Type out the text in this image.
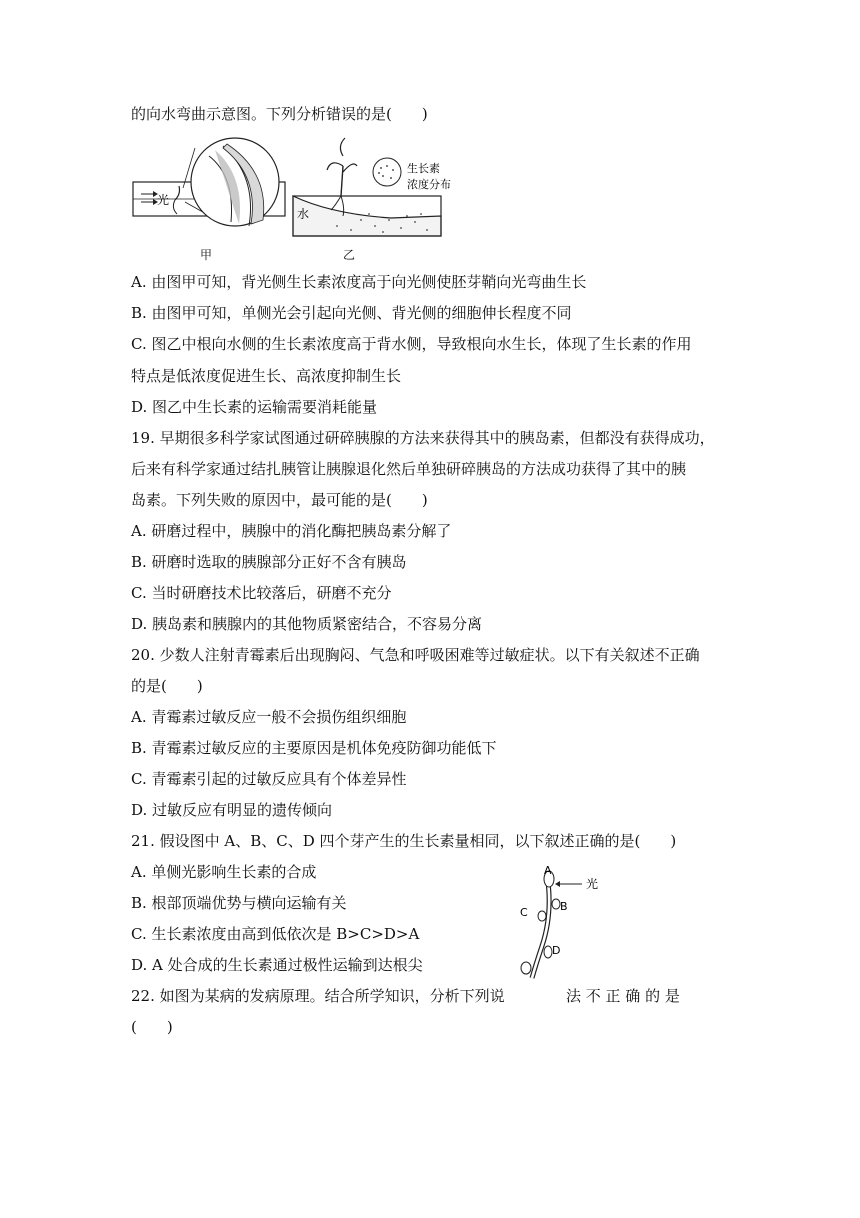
的向水弯曲示意图。下列分析错误的是(　　)
光
水
生长素
浓度分布
甲	乙
A. 由图甲可知，背光侧生长素浓度高于向光侧使胚芽鞘向光弯曲生长
B. 由图甲可知，单侧光会引起向光侧、背光侧的细胞伸长程度不同
C. 图乙中根向水侧的生长素浓度高于背水侧，导致根向水生长，体现了生长素的作用
特点是低浓度促进生长、高浓度抑制生长
D. 图乙中生长素的运输需要消耗能量
19. 早期很多科学家试图通过研碎胰腺的方法来获得其中的胰岛素，但都没有获得成功，
后来有科学家通过结扎胰管让胰腺退化然后单独研碎胰岛的方法成功获得了其中的胰
岛素。下列失败的原因中，最可能的是(　　)
A. 研磨过程中，胰腺中的消化酶把胰岛素分解了
B. 研磨时选取的胰腺部分正好不含有胰岛
C. 当时研磨技术比较落后，研磨不充分
D. 胰岛素和胰腺内的其他物质紧密结合，不容易分离
20. 少数人注射青霉素后出现胸闷、气急和呼吸困难等过敏症状。以下有关叙述不正确
的是(　　)
A. 青霉素过敏反应一般不会损伤组织细胞
B. 青霉素过敏反应的主要原因是机体免疫防御功能低下
C. 青霉素引起的过敏反应具有个体差异性
D. 过敏反应有明显的遗传倾向
21. 假设图中 A、B、C、D 四个芽产生的生长素量相同，以下叙述正确的是(　　)
A. 单侧光影响生长素的合成
B. 根部顶端优势与横向运输有关
C. 生长素浓度由高到低依次是 B>C>D>A
D. A 处合成的生长素通过极性运输到达根尖
A
B
C
D
光
22. 如图为某病的发病原理。结合所学知识，分析下列说	法 不 正 确 的 是
(　　)
